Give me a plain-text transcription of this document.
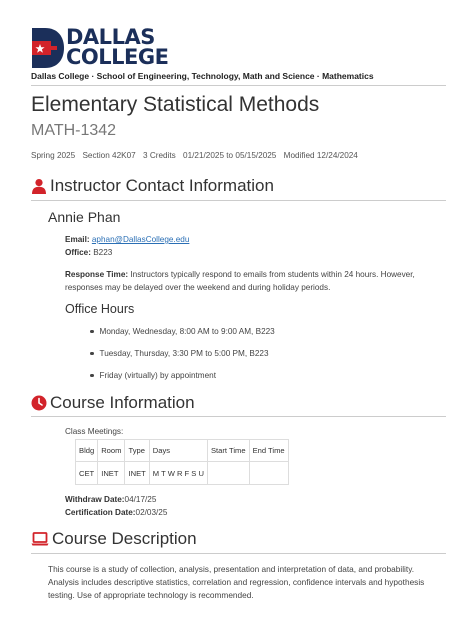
DALLAS
COLLEGE
Dallas College · School of Engineering, Technology, Math and Science · Mathematics
Elementary Statistical Methods
MATH-1342
Spring 2025 Section 42K07 3 Credits 01/21/2025 to 05/15/2025 Modified 12/24/2024
Instructor Contact Information
Annie Phan
Email: aphan@DallasCollege.edu
Office: B223
Response Time: Instructors typically respond to emails from students within 24 hours. However, responses may be delayed over the weekend and during holiday periods.
Office Hours
Monday, Wednesday, 8:00 AM to 9:00 AM, B223
Tuesday, Thursday, 3:30 PM to 5:00 PM, B223
Friday (virtually) by appointment
Course Information
Class Meetings:
Bldg	Room	Type	Days	Start Time	End Time
CET	INET	INET	M T W R F S U		
Withdraw Date:04/17/25
Certification Date:02/03/25
Course Description
This course is a study of collection, analysis, presentation and interpretation of data, and probability. Analysis includes descriptive statistics, correlation and regression, confidence intervals and hypothesis testing. Use of appropriate technology is recommended.
